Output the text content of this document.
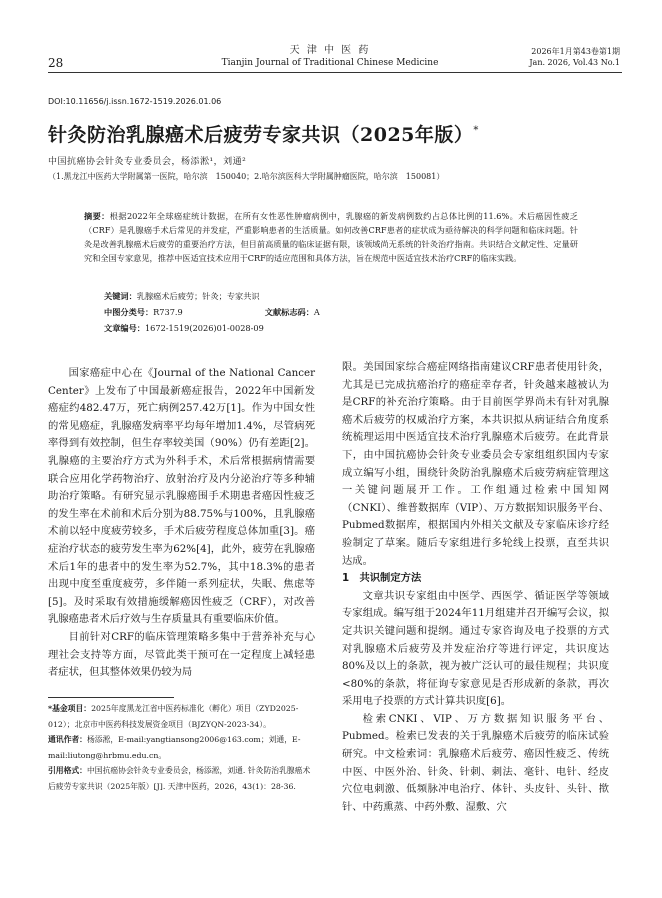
28
天 津 中 医 药
Tianjin Journal of Traditional Chinese Medicine
2026年1月第43卷第1期
Jan. 2026, Vol.43 No.1
DOI:10.11656/j.issn.1672-1519.2026.01.06
针灸防治乳腺癌术后疲劳专家共识（2025年版）*
中国抗癌协会针灸专业委员会，杨添淞¹，刘通²
（1.黑龙江中医药大学附属第一医院，哈尔滨　150040；2.哈尔滨医科大学附属肿瘤医院，哈尔滨　150081）
摘要：根据2022年全球癌症统计数据，在所有女性恶性肿瘤病例中，乳腺癌的新发病例数约占总体比例的11.6%。术后癌因性疲乏（CRF）是乳腺癌手术后常见的并发症，严重影响患者的生活质量。如何改善CRF患者的症状成为亟待解决的科学问题和临床问题。针灸是改善乳腺癌术后疲劳的重要治疗方法，但目前高质量的临床证据有限，该领域尚无系统的针灸治疗指南。共识结合文献定性、定量研究和全国专家意见，推荐中医适宜技术应用于CRF的适应范围和具体方法，旨在规范中医适宜技术治疗CRF的临床实践。
关键词：乳腺癌术后疲劳；针灸；专家共识
中图分类号：R737.9	文献标志码：A
文章编号：1672-1519(2026)01-0028-09

国家癌症中心在《Journal of the National Cancer Center》上发布了中国最新癌症报告，2022年中国新发癌症约482.47万，死亡病例257.42万[1]。作为中国女性的常见癌症，乳腺癌发病率平均每年增加1.4%，尽管病死率得到有效控制，但生存率较美国（90%）仍有差距[2]。乳腺癌的主要治疗方式为外科手术，术后常根据病情需要联合应用化学药物治疗、放射治疗及内分泌治疗等多种辅助治疗策略。有研究显示乳腺癌围手术期患者癌因性疲乏的发生率在术前和术后分别为88.75%与100%，且乳腺癌术前以轻中度疲劳较多，手术后疲劳程度总体加重[3]。癌症治疗状态的疲劳发生率为62%[4]，此外，疲劳在乳腺癌术后1年的患者中的发生率为52.7%，其中18.3%的患者出现中度至重度疲劳，多伴随一系列症状，失眠、焦虑等[5]。及时采取有效措施缓解癌因性疲乏（CRF），对改善乳腺癌患者术后疗效与生存质量具有重要临床价值。

目前针对CRF的临床管理策略多集中于营养补充与心理社会支持等方面，尽管此类干预可在一定程度上减轻患者症状，但其整体效果仍较为局

*基金项目：2025年度黑龙江省中医药标准化（孵化）项目（ZYD2025-012）；北京市中医药科技发展资金项目（BJZYQN-2023-34）。
通讯作者：杨添淞，E-mail:yangtiansong2006@163.com；刘通，E-mail:liutong@hrbmu.edu.cn。
引用格式：中国抗癌协会针灸专业委员会，杨添淞，刘通. 针灸防治乳腺癌术后疲劳专家共识（2025年版）[J]. 天津中医药，2026，43(1)：28-36.

限。美国国家综合癌症网络指南建议CRF患者使用针灸，尤其是已完成抗癌治疗的癌症幸存者，针灸越来越被认为是CRF的补充治疗策略。由于目前医学界尚未有针对乳腺癌术后疲劳的权威治疗方案，本共识拟从病证结合角度系统梳理运用中医适宜技术治疗乳腺癌术后疲劳。在此背景下，由中国抗癌协会针灸专业委员会专家组组织国内专家成立编写小组，围绕针灸防治乳腺癌术后疲劳病症管理这一关键问题展开工作。工作组通过检索中国知网（CNKI）、维普数据库（VIP）、万方数据知识服务平台、Pubmed数据库，根据国内外相关文献及专家临床诊疗经验制定了草案。随后专家组进行多轮线上投票，直至共识达成。

1　共识制定方法

文章共识专家组由中医学、西医学、循证医学等领域专家组成。编写组于2024年11月组建并召开编写会议，拟定共识关键问题和提纲。通过专家咨询及电子投票的方式对乳腺癌术后疲劳及并发症治疗等进行评定，共识度达80%及以上的条款，视为被广泛认可的最佳规程；共识度<80%的条款，将征询专家意见是否形成新的条款，再次采用电子投票的方式计算共识度[6]。

检索CNKI、VIP、万方数据知识服务平台、Pubmed。检索已发表的关于乳腺癌术后疲劳的临床试验研究。中文检索词：乳腺癌术后疲劳、癌因性疲乏、传统中医、中医外治、针灸、针刺、刺法、毫针、电针、经皮穴位电刺激、低频脉冲电治疗、体针、头皮针、头针、揿针、中药熏蒸、中药外敷、湿敷、穴
